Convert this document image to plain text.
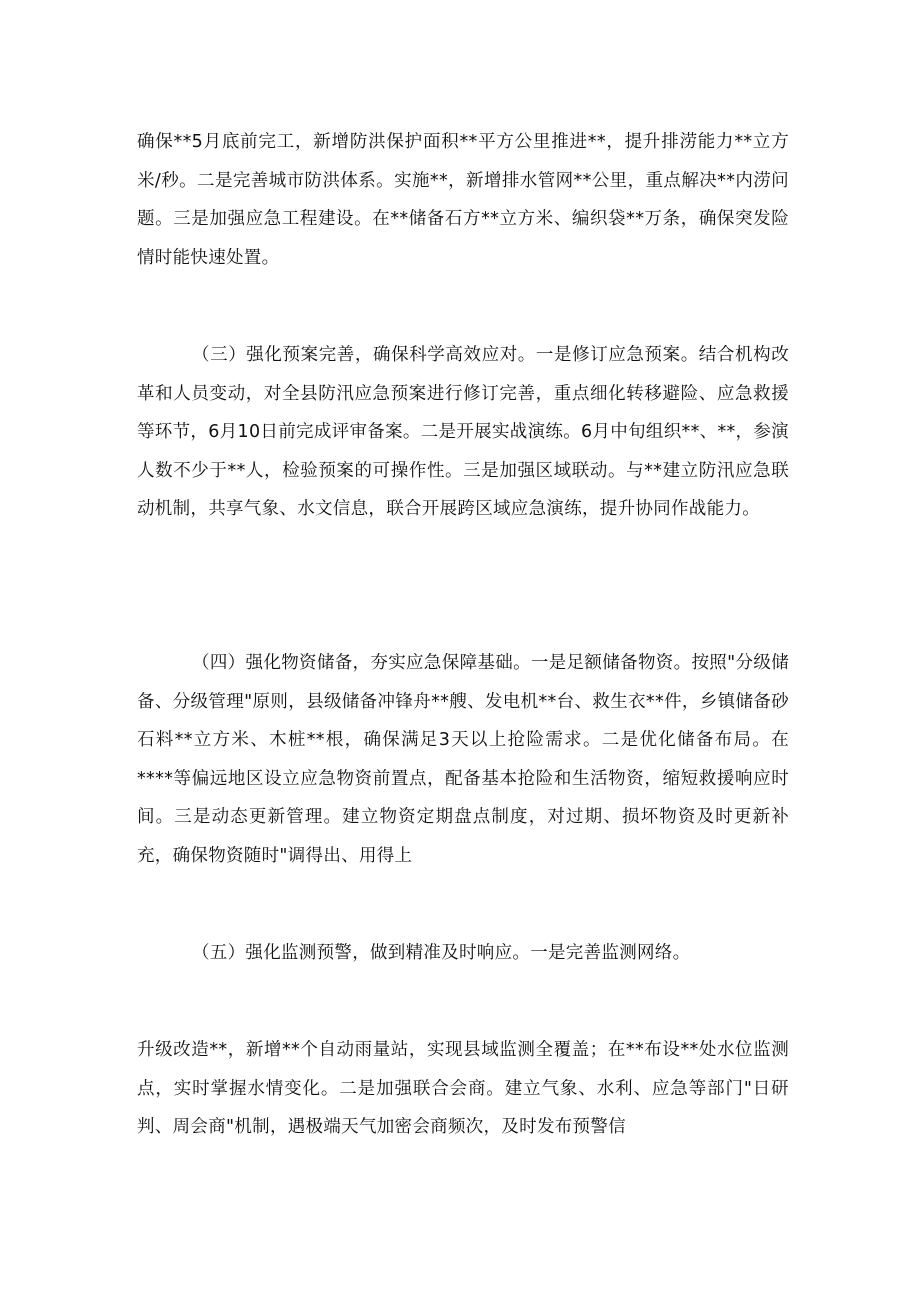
确保**5月底前完工，新增防洪保护面积**平方公里推进**，提升排涝能力**立方米/秒。二是完善城市防洪体系。实施**，新增排水管网**公里，重点解决**内涝问题。三是加强应急工程建设。在**储备石方**立方米、编织袋**万条，确保突发险情时能快速处置。

（三）强化预案完善，确保科学高效应对。一是修订应急预案。结合机构改革和人员变动，对全县防汛应急预案进行修订完善，重点细化转移避险、应急救援等环节，6月10日前完成评审备案。二是开展实战演练。6月中旬组织**、**，参演人数不少于**人，检验预案的可操作性。三是加强区域联动。与**建立防汛应急联动机制，共享气象、水文信息，联合开展跨区域应急演练，提升协同作战能力。

（四）强化物资储备，夯实应急保障基础。一是足额储备物资。按照"分级储备、分级管理"原则，县级储备冲锋舟**艘、发电机**台、救生衣**件，乡镇储备砂石料**立方米、木桩**根，确保满足3天以上抢险需求。二是优化储备布局。在****等偏远地区设立应急物资前置点，配备基本抢险和生活物资，缩短救援响应时间。三是动态更新管理。建立物资定期盘点制度，对过期、损坏物资及时更新补充，确保物资随时"调得出、用得上

（五）强化监测预警，做到精准及时响应。一是完善监测网络。

升级改造**，新增**个自动雨量站，实现县域监测全覆盖；在**布设**处水位监测点，实时掌握水情变化。二是加强联合会商。建立气象、水利、应急等部门"日研判、周会商"机制，遇极端天气加密会商频次，及时发布预警信
